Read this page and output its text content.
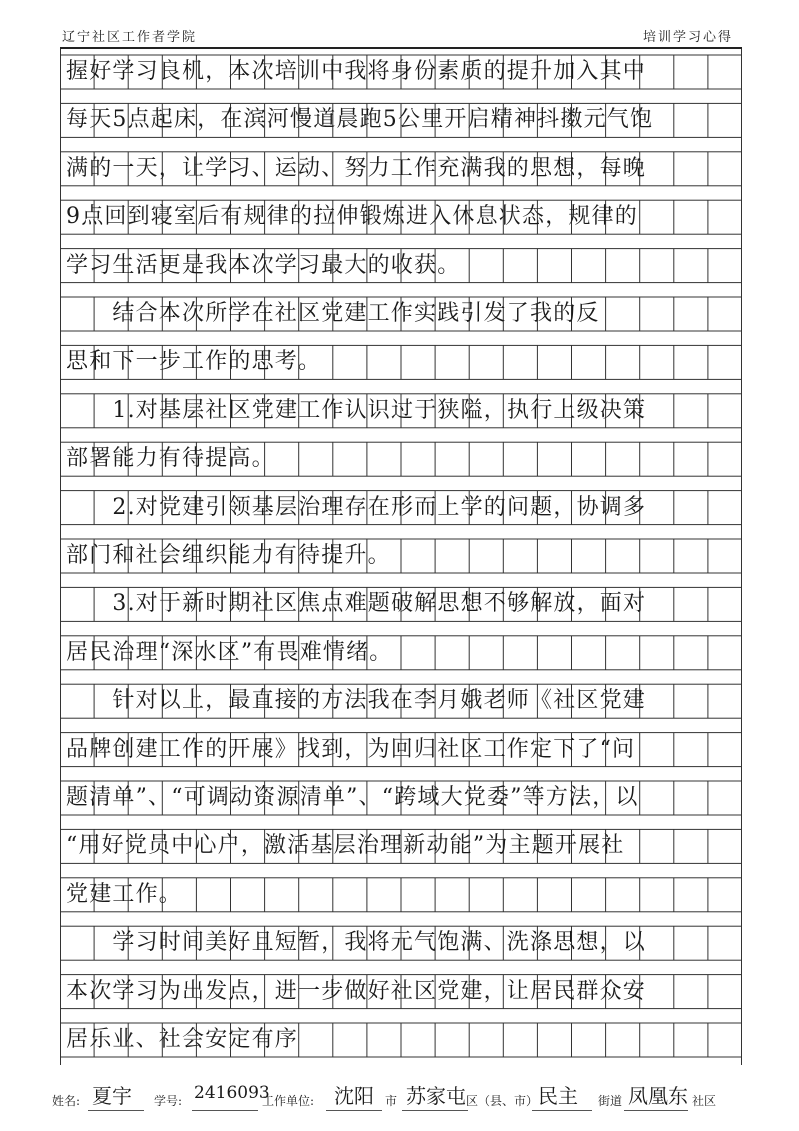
辽宁社区工作者学院	培训学习心得
握好学习良机，本次培训中我将身份素质的提升加入其中
每天5点起床，在滨河慢道晨跑5公里开启精神抖擞元气饱
满的一天，让学习、运动、努力工作充满我的思想，每晚
9点回到寝室后有规律的拉伸锻炼进入休息状态，规律的
学习生活更是我本次学习最大的收获。
　　结合本次所学在社区党建工作实践引发了我的反
思和下一步工作的思考。
　　1.对基层社区党建工作认识过于狭隘，执行上级决策
部署能力有待提高。
　　2.对党建引领基层治理存在形而上学的问题，协调多
部门和社会组织能力有待提升。
　　3.对于新时期社区焦点难题破解思想不够解放，面对
居民治理“深水区”有畏难情绪。
　　针对以上，最直接的方法我在李月娥老师《社区党建
品牌创建工作的开展》找到，为回归社区工作定下了“问
题清单”、“可调动资源清单”、“跨域大党委”等方法，以
“用好党员中心户，激活基层治理新动能”为主题开展社
党建工作。
　　学习时间美好且短暂，我将元气饱满、洗涤思想，以
本次学习为出发点，进一步做好社区党建，让居民群众安
居乐业、社会安定有序
姓名: 夏宇 学号: 2416093
工作单位: 沈阳 市 苏家屯 区（县、市） 民主 街道 凤凰东 社区
